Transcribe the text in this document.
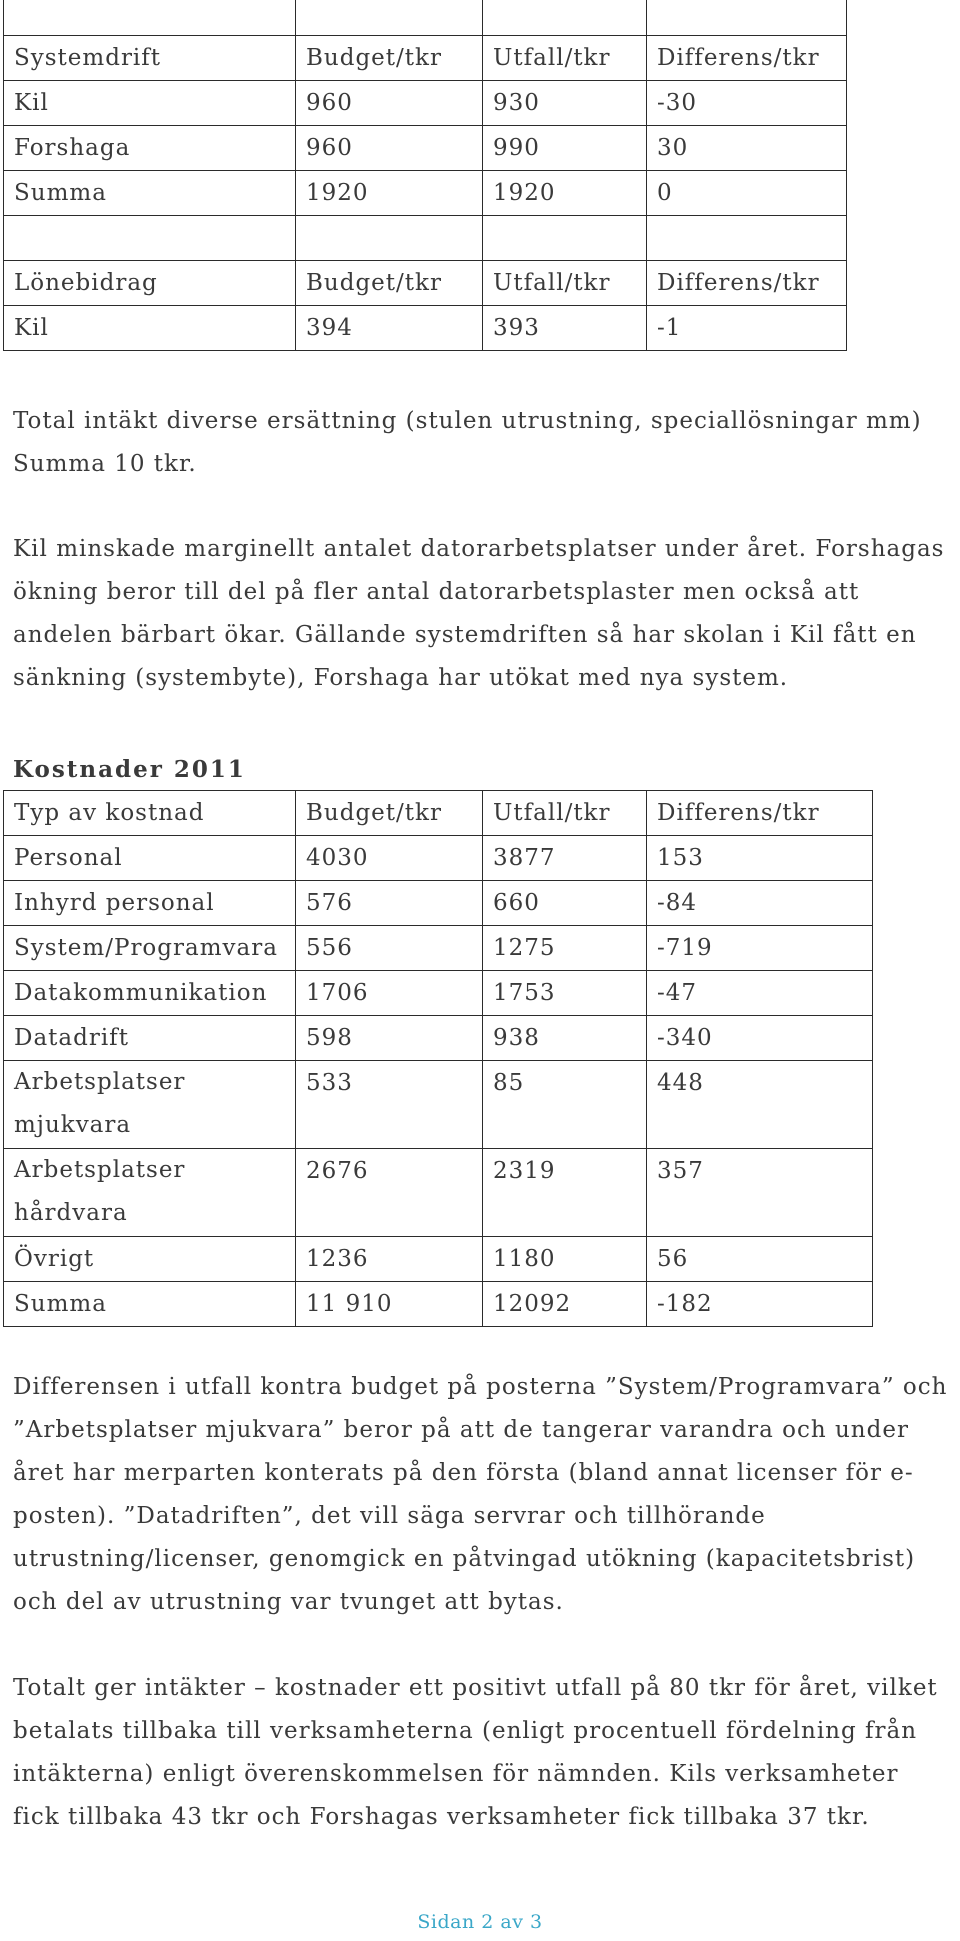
Systemdrift	Budget/tkr	Utfall/tkr	Differens/tkr
Kil	960	930	-30
Forshaga	960	990	30
Summa	1920	1920	0

Lönebidrag	Budget/tkr	Utfall/tkr	Differens/tkr
Kil	394	393	-1

Total intäkt diverse ersättning (stulen utrustning, speciallösningar mm) Summa 10 tkr.

Kil minskade marginellt antalet datorarbetsplatser under året. Forshagas ökning beror till del på fler antal datorarbetsplaster men också att andelen bärbart ökar. Gällande systemdriften så har skolan i Kil fått en sänkning (systembyte), Forshaga har utökat med nya system.

Kostnader 2011

Typ av kostnad	Budget/tkr	Utfall/tkr	Differens/tkr
Personal	4030	3877	153
Inhyrd personal	576	660	-84
System/Programvara	556	1275	-719
Datakommunikation	1706	1753	-47
Datadrift	598	938	-340
Arbetsplatser mjukvara	533	85	448
Arbetsplatser hårdvara	2676	2319	357
Övrigt	1236	1180	56
Summa	11 910	12092	-182

Differensen i utfall kontra budget på posterna ”System/Programvara” och ”Arbetsplatser mjukvara” beror på att de tangerar varandra och under året har merparten konterats på den första (bland annat licenser för e-posten). ”Datadriften”, det vill säga servrar och tillhörande utrustning/licenser, genomgick en påtvingad utökning (kapacitetsbrist) och del av utrustning var tvunget att bytas.

Totalt ger intäkter – kostnader ett positivt utfall på 80 tkr för året, vilket betalats tillbaka till verksamheterna (enligt procentuell fördelning från intäkterna) enligt överenskommelsen för nämnden. Kils verksamheter fick tillbaka 43 tkr och Forshagas verksamheter fick tillbaka 37 tkr.

Sidan 2 av 3
